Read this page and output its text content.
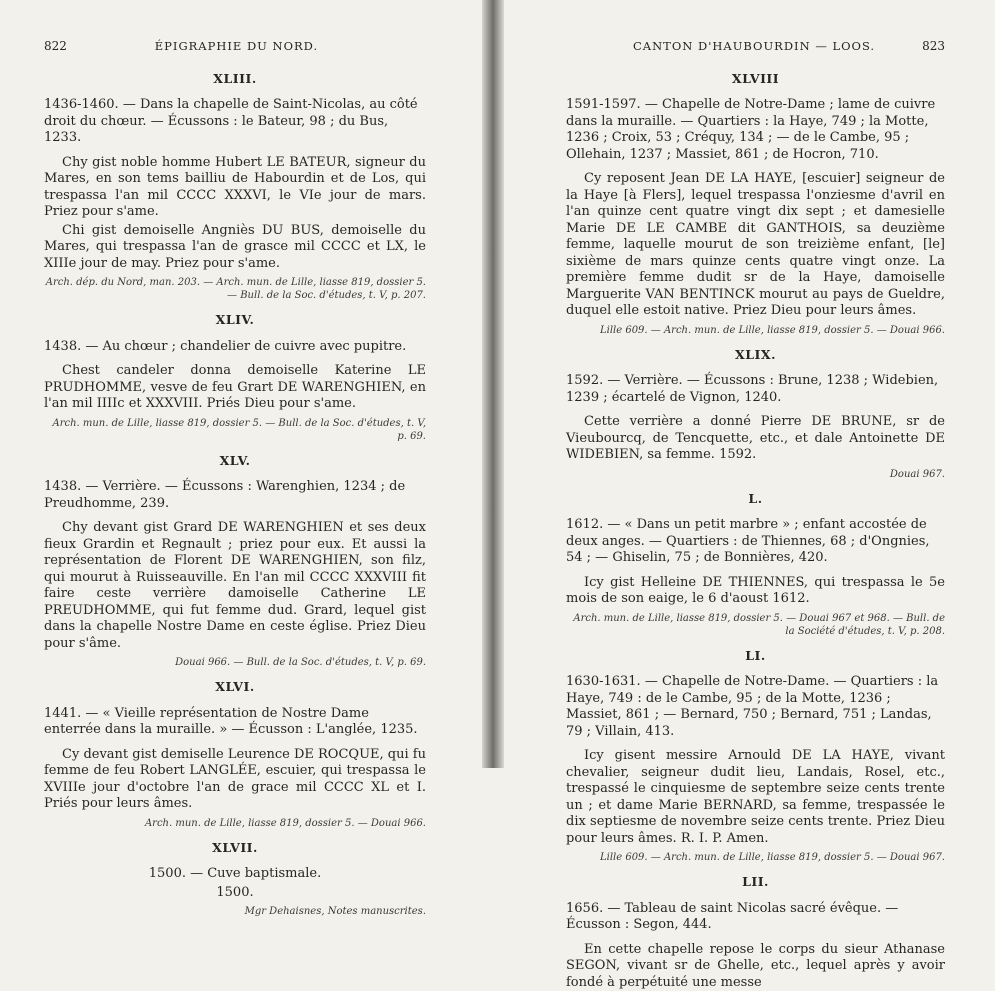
822	ÉPIGRAPHIE DU NORD.
XLIII.
1436-1460. — Dans la chapelle de Saint-Nicolas, au côté droit du chœur. — Écussons : le Bateur, 98 ; du Bus, 1233.

Chy gist noble homme Hubert LE BATEUR, signeur du Mares, en son tems bailliu de Habourdin et de Los, qui trespassa l'an mil CCCC XXXVI, le VIe jour de mars. Priez pour s'ame.

Chi gist demoiselle Angniès DU BUS, demoiselle du Mares, qui trespassa l'an de grasce mil CCCC et LX, le XIIIe jour de may. Priez pour s'ame.

Arch. dép. du Nord, man. 203. — Arch. mun. de Lille, liasse 819, dossier 5. — Bull. de la Soc. d'études, t. V, p. 207.
XLIV.
1438. — Au chœur ; chandelier de cuivre avec pupitre.

Chest candeler donna demoiselle Katerine LE PRUDHOMME, vesve de feu Grart DE WARENGHIEN, en l'an mil IIIIc et XXXVIII. Priés Dieu pour s'ame.

Arch. mun. de Lille, liasse 819, dossier 5. — Bull. de la Soc. d'études, t. V, p. 69.
XLV.
1438. — Verrière. — Écussons : Warenghien, 1234 ; de Preudhomme, 239.

Chy devant gist Grard DE WARENGHIEN et ses deux fieux Grardin et Regnault ; priez pour eux. Et aussi la représentation de Florent DE WARENGHIEN, son filz, qui mourut à Ruisseauville. En l'an mil CCCC XXXVIII fit faire ceste verrière damoiselle Catherine LE PREUDHOMME, qui fut femme dud. Grard, lequel gist dans la chapelle Nostre Dame en ceste église. Priez Dieu pour s'âme.

Douai 966. — Bull. de la Soc. d'études, t. V, p. 69.
XLVI.
1441. — « Vieille représentation de Nostre Dame enterrée dans la muraille. » — Écusson : L'anglée, 1235.

Cy devant gist demiselle Leurence DE ROCQUE, qui fu femme de feu Robert LANGLÉE, escuier, qui trespassa le XVIIIe jour d'octobre l'an de grace mil CCCC XL et I. Priés pour leurs âmes.

Arch. mun. de Lille, liasse 819, dossier 5. — Douai 966.
XLVII.
1500. — Cuve baptismale.
1500.
Mgr Dehaisnes, Notes manuscrites.
CANTON D'HAUBOURDIN — LOOS.	823
XLVIII
1591-1597. — Chapelle de Notre-Dame ; lame de cuivre dans la muraille. — Quartiers : la Haye, 749 ; la Motte, 1236 ; Croix, 53 ; Créquy, 134 ; — de le Cambe, 95 ; Ollehain, 1237 ; Massiet, 861 ; de Hocron, 710.

Cy reposent Jean DE LA HAYE, [escuier] seigneur de la Haye [à Flers], lequel trespassa l'onziesme d'avril en l'an quinze cent quatre vingt dix sept ; et damesielle Marie DE LE CAMBE dit GANTHOIS, sa deuzième femme, laquelle mourut de son treizième enfant, [le] sixième de mars quinze cents quatre vingt onze. La première femme dudit sr de la Haye, damoiselle Marguerite VAN BENTINCK mourut au pays de Gueldre, duquel elle estoit native. Priez Dieu pour leurs âmes.

Lille 609. — Arch. mun. de Lille, liasse 819, dossier 5. — Douai 966.
XLIX.
1592. — Verrière. — Écussons : Brune, 1238 ; Widebien, 1239 ; écartelé de Vignon, 1240.

Cette verrière a donné Pierre DE BRUNE, sr de Vieubourcq, de Tencquette, etc., et dale Antoinette DE WIDEBIEN, sa femme. 1592.

Douai 967.
L.
1612. — « Dans un petit marbre » ; enfant accostée de deux anges. — Quartiers : de Thiennes, 68 ; d'Ongnies, 54 ; — Ghiselin, 75 ; de Bonnières, 420.

Icy gist Helleine DE THIENNES, qui trespassa le 5e mois de son eaige, le 6 d'aoust 1612.

Arch. mun. de Lille, liasse 819, dossier 5. — Douai 967 et 968. — Bull. de la Société d'études, t. V, p. 208.
LI.
1630-1631. — Chapelle de Notre-Dame. — Quartiers : la Haye, 749 : de le Cambe, 95 ; de la Motte, 1236 ; Massiet, 861 ; — Bernard, 750 ; Bernard, 751 ; Landas, 79 ; Villain, 413.

Icy gisent messire Arnould DE LA HAYE, vivant chevalier, seigneur dudit lieu, Landais, Rosel, etc., trespassé le cinquiesme de septembre seize cents trente un ; et dame Marie BERNARD, sa femme, trespassée le dix septiesme de novembre seize cents trente. Priez Dieu pour leurs âmes. R. I. P. Amen.

Lille 609. — Arch. mun. de Lille, liasse 819, dossier 5. — Douai 967.
LII.
1656. — Tableau de saint Nicolas sacré évêque. — Écusson : Segon, 444.

En cette chapelle repose le corps du sieur Athanase SEGON, vivant sr de Ghelle, etc., lequel après y avoir fondé à perpétuité une messe
